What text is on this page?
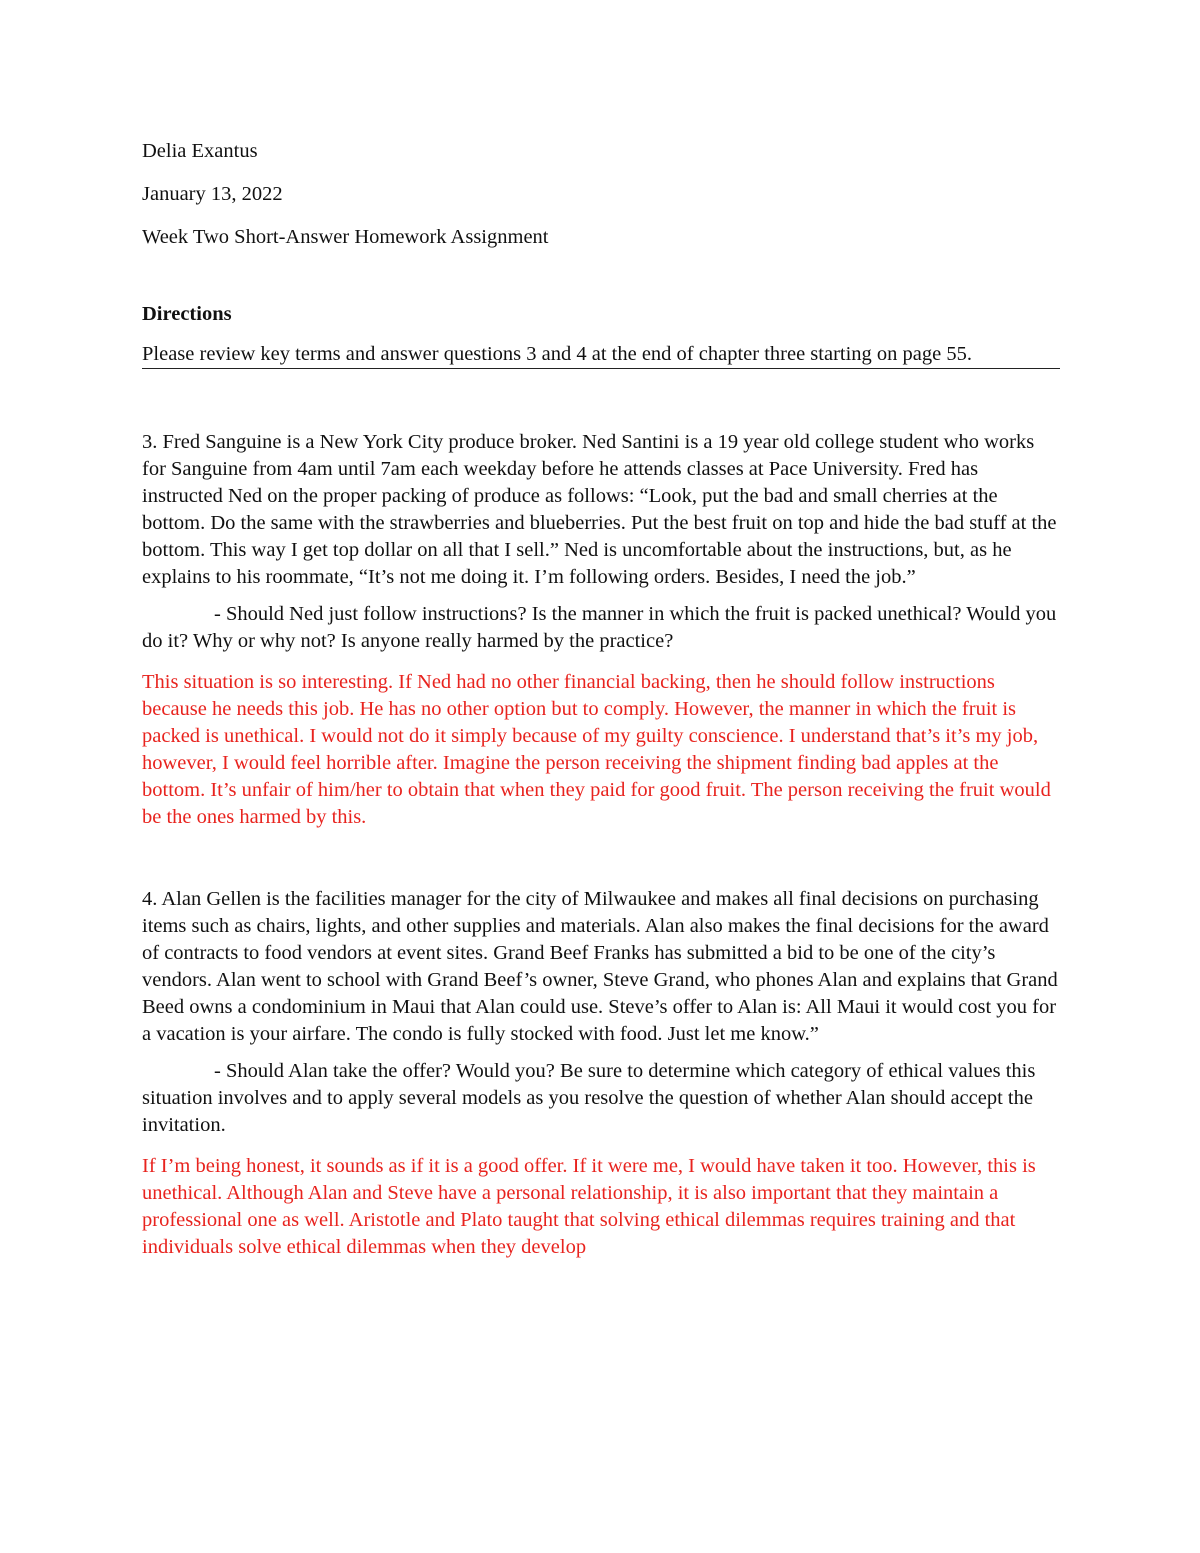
Delia Exantus

January 13, 2022

Week Two Short-Answer Homework Assignment

Directions

Please review key terms and answer questions 3 and 4 at the end of chapter three starting on page 55.

3. Fred Sanguine is a New York City produce broker. Ned Santini is a 19 year old college student who works for Sanguine from 4am until 7am each weekday before he attends classes at Pace University. Fred has instructed Ned on the proper packing of produce as follows: “Look, put the bad and small cherries at the bottom. Do the same with the strawberries and blueberries. Put the best fruit on top and hide the bad stuff at the bottom. This way I get top dollar on all that I sell.” Ned is uncomfortable about the instructions, but, as he explains to his roommate, “It’s not me doing it. I’m following orders. Besides, I need the job.”

- Should Ned just follow instructions? Is the manner in which the fruit is packed unethical? Would you do it? Why or why not? Is anyone really harmed by the practice?

This situation is so interesting. If Ned had no other financial backing, then he should follow instructions because he needs this job. He has no other option but to comply. However, the manner in which the fruit is packed is unethical. I would not do it simply because of my guilty conscience. I understand that’s it’s my job, however, I would feel horrible after. Imagine the person receiving the shipment finding bad apples at the bottom. It’s unfair of him/her to obtain that when they paid for good fruit. The person receiving the fruit would be the ones harmed by this.

4. Alan Gellen is the facilities manager for the city of Milwaukee and makes all final decisions on purchasing items such as chairs, lights, and other supplies and materials. Alan also makes the final decisions for the award of contracts to food vendors at event sites. Grand Beef Franks has submitted a bid to be one of the city’s vendors. Alan went to school with Grand Beef’s owner, Steve Grand, who phones Alan and explains that Grand Beed owns a condominium in Maui that Alan could use. Steve’s offer to Alan is: All Maui it would cost you for a vacation is your airfare. The condo is fully stocked with food. Just let me know.”

- Should Alan take the offer? Would you? Be sure to determine which category of ethical values this situation involves and to apply several models as you resolve the question of whether Alan should accept the invitation.

If I’m being honest, it sounds as if it is a good offer. If it were me, I would have taken it too. However, this is unethical. Although Alan and Steve have a personal relationship, it is also important that they maintain a professional one as well. Aristotle and Plato taught that solving ethical dilemmas requires training and that individuals solve ethical dilemmas when they develop
